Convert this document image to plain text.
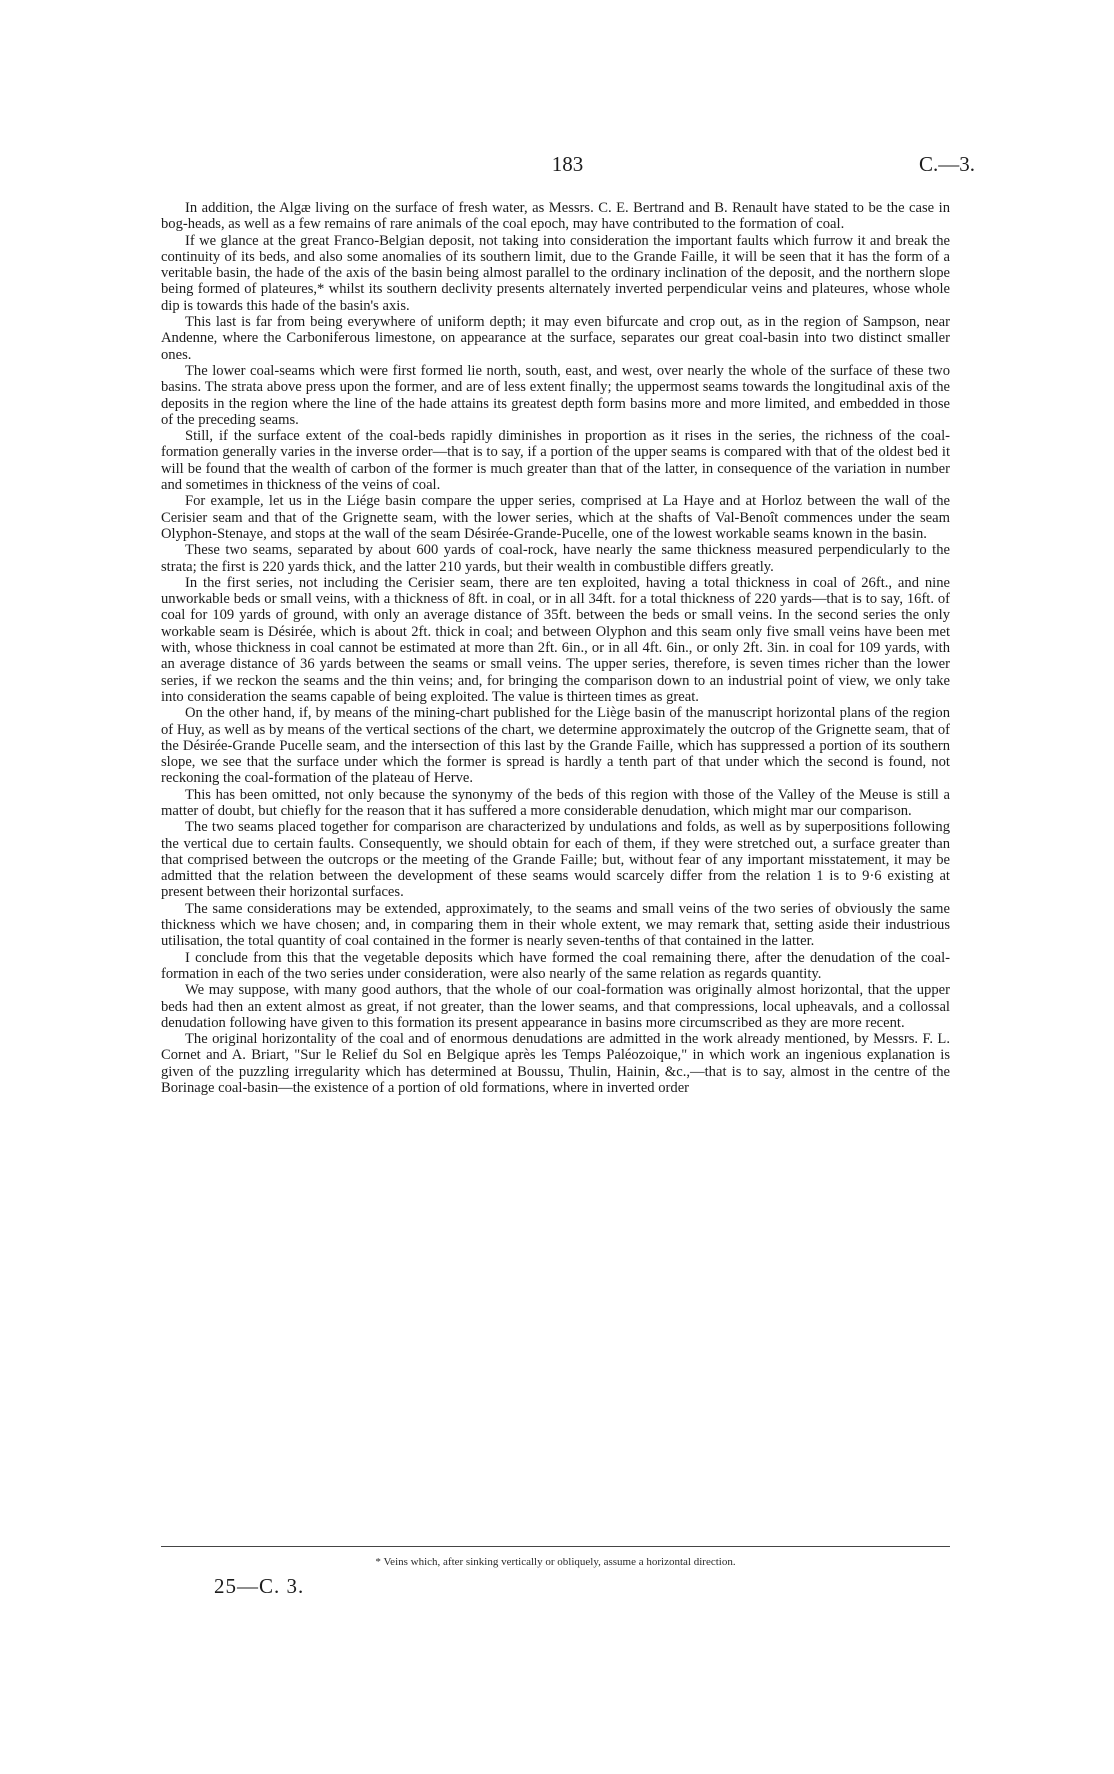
183	C.—3.

In addition, the Algæ living on the surface of fresh water, as Messrs. C. E. Bertrand and B. Renault have stated to be the case in bog-heads, as well as a few remains of rare animals of the coal epoch, may have contributed to the formation of coal.

If we glance at the great Franco-Belgian deposit, not taking into consideration the important faults which furrow it and break the continuity of its beds, and also some anomalies of its southern limit, due to the Grande Faille, it will be seen that it has the form of a veritable basin, the hade of the axis of the basin being almost parallel to the ordinary inclination of the deposit, and the northern slope being formed of plateures,* whilst its southern declivity presents alternately inverted perpendicular veins and plateures, whose whole dip is towards this hade of the basin's axis.

This last is far from being everywhere of uniform depth; it may even bifurcate and crop out, as in the region of Sampson, near Andenne, where the Carboniferous limestone, on appearance at the surface, separates our great coal-basin into two distinct smaller ones.

The lower coal-seams which were first formed lie north, south, east, and west, over nearly the whole of the surface of these two basins. The strata above press upon the former, and are of less extent finally; the uppermost seams towards the longitudinal axis of the deposits in the region where the line of the hade attains its greatest depth form basins more and more limited, and embedded in those of the preceding seams.

Still, if the surface extent of the coal-beds rapidly diminishes in proportion as it rises in the series, the richness of the coal-formation generally varies in the inverse order—that is to say, if a portion of the upper seams is compared with that of the oldest bed it will be found that the wealth of carbon of the former is much greater than that of the latter, in consequence of the variation in number and sometimes in thickness of the veins of coal.

For example, let us in the Liége basin compare the upper series, comprised at La Haye and at Horloz between the wall of the Cerisier seam and that of the Grignette seam, with the lower series, which at the shafts of Val-Benoît commences under the seam Olyphon-Stenaye, and stops at the wall of the seam Désirée-Grande-Pucelle, one of the lowest workable seams known in the basin.

These two seams, separated by about 600 yards of coal-rock, have nearly the same thickness measured perpendicularly to the strata; the first is 220 yards thick, and the latter 210 yards, but their wealth in combustible differs greatly.

In the first series, not including the Cerisier seam, there are ten exploited, having a total thickness in coal of 26ft., and nine unworkable beds or small veins, with a thickness of 8ft. in coal, or in all 34ft. for a total thickness of 220 yards—that is to say, 16ft. of coal for 109 yards of ground, with only an average distance of 35ft. between the beds or small veins. In the second series the only workable seam is Désirée, which is about 2ft. thick in coal; and between Olyphon and this seam only five small veins have been met with, whose thickness in coal cannot be estimated at more than 2ft. 6in., or in all 4ft. 6in., or only 2ft. 3in. in coal for 109 yards, with an average distance of 36 yards between the seams or small veins. The upper series, therefore, is seven times richer than the lower series, if we reckon the seams and the thin veins; and, for bringing the comparison down to an industrial point of view, we only take into consideration the seams capable of being exploited. The value is thirteen times as great.

On the other hand, if, by means of the mining-chart published for the Liège basin of the manuscript horizontal plans of the region of Huy, as well as by means of the vertical sections of the chart, we determine approximately the outcrop of the Grignette seam, that of the Désirée-Grande Pucelle seam, and the intersection of this last by the Grande Faille, which has suppressed a portion of its southern slope, we see that the surface under which the former is spread is hardly a tenth part of that under which the second is found, not reckoning the coal-formation of the plateau of Herve.

This has been omitted, not only because the synonymy of the beds of this region with those of the Valley of the Meuse is still a matter of doubt, but chiefly for the reason that it has suffered a more considerable denudation, which might mar our comparison.

The two seams placed together for comparison are characterized by undulations and folds, as well as by superpositions following the vertical due to certain faults. Consequently, we should obtain for each of them, if they were stretched out, a surface greater than that comprised between the outcrops or the meeting of the Grande Faille; but, without fear of any important misstatement, it may be admitted that the relation between the development of these seams would scarcely differ from the relation 1 is to 9·6 existing at present between their horizontal surfaces.

The same considerations may be extended, approximately, to the seams and small veins of the two series of obviously the same thickness which we have chosen; and, in comparing them in their whole extent, we may remark that, setting aside their industrious utilisation, the total quantity of coal contained in the former is nearly seven-tenths of that contained in the latter.

I conclude from this that the vegetable deposits which have formed the coal remaining there, after the denudation of the coal-formation in each of the two series under consideration, were also nearly of the same relation as regards quantity.

We may suppose, with many good authors, that the whole of our coal-formation was originally almost horizontal, that the upper beds had then an extent almost as great, if not greater, than the lower seams, and that compressions, local upheavals, and a collossal denudation following have given to this formation its present appearance in basins more circumscribed as they are more recent.

The original horizontality of the coal and of enormous denudations are admitted in the work already mentioned, by Messrs. F. L. Cornet and A. Briart, "Sur le Relief du Sol en Belgique après les Temps Paléozoique," in which work an ingenious explanation is given of the puzzling irregularity which has determined at Boussu, Thulin, Hainin, &c.,—that is to say, almost in the centre of the Borinage coal-basin—the existence of a portion of old formations, where in inverted order

* Veins which, after sinking vertically or obliquely, assume a horizontal direction.
25—C. 3.
